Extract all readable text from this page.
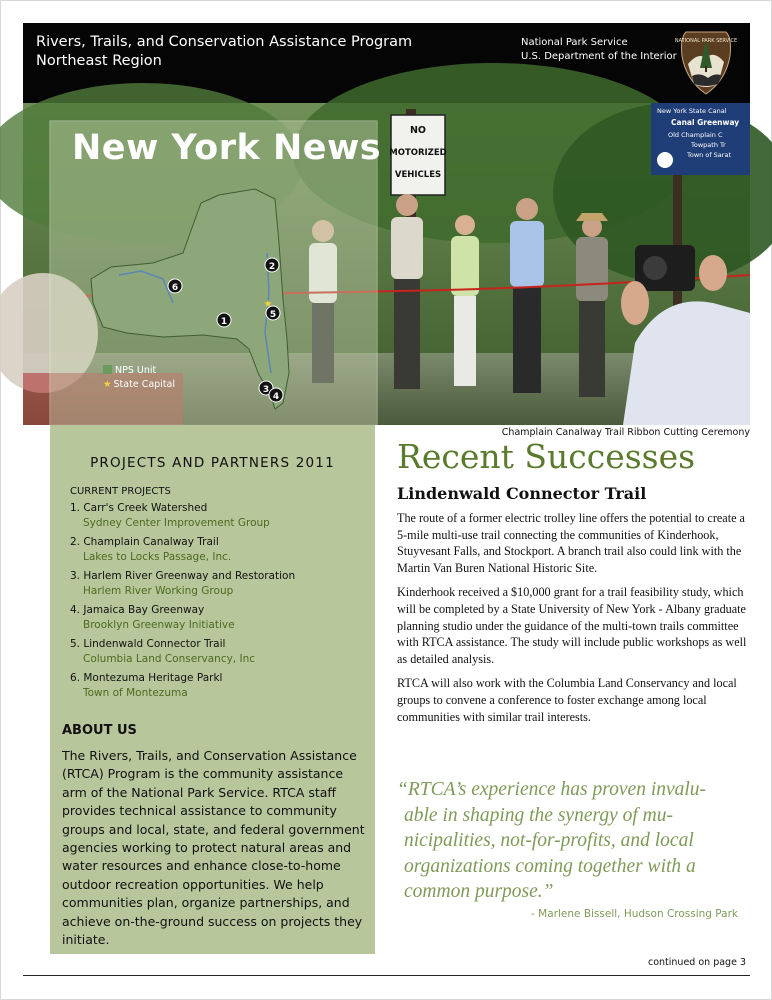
Rivers, Trails, and Conservation Assistance Program
Northeast Region
National Park Service
U.S. Department of the Interior
NATIONAL PARK SERVICE
NO
MOTORIZED
VEHICLES
New York State Canal
Canal Greenway
Old Champlain C
Towpath Tr
Town of Sarat
6
1
2
5
3
4
★
New York News
NPS Unit
★ State Capital
Champlain Canalway Trail Ribbon Cutting Ceremony
PROJECTS AND PARTNERS 2011
CURRENT PROJECTS
1. Carr's Creek Watershed
Sydney Center Improvement Group
2. Champlain Canalway Trail
Lakes to Locks Passage, Inc.
3. Harlem River Greenway and Restoration
Harlem River Working Group
4. Jamaica Bay Greenway
Brooklyn Greenway Initiative
5. Lindenwald Connector Trail
Columbia Land Conservancy, Inc
6. Montezuma Heritage Parkl
Town of Montezuma
ABOUT US
The Rivers, Trails, and Conservation Assistance (RTCA) Program is the community assistance arm of the National Park Service. RTCA staff provides technical assistance to community groups and local, state, and federal government agencies working to protect natural areas and water resources and enhance close-to-home outdoor recreation opportunities. We help communities plan, organize partnerships, and achieve on-the-ground success on projects they initiate.
Recent Successes
Lindenwald Connector Trail

The route of a former electric trolley line offers the potential to create a 5-mile multi-use trail connecting the communities of Kinderhook, Stuyvesant Falls, and Stockport. A branch trail also could link with the Martin Van Buren National Historic Site.

Kinderhook received a $10,000 grant for a trail feasibility study, which will be completed by a State University of New York - Albany graduate planning studio under the guidance of the multi-town trails committee with RTCA assistance. The study will include public workshops as well as detailed analysis.

RTCA will also work with the Columbia Land Conservancy and local groups to convene a conference to foster exchange among local communities with similar trail interests.

“RTCA’s experience has proven invalu-
able in shaping the synergy of mu-
nicipalities, not-for-profits, and local
organizations coming together with a
common purpose.”
- Marlene Bissell, Hudson Crossing Park
continued on page 3
